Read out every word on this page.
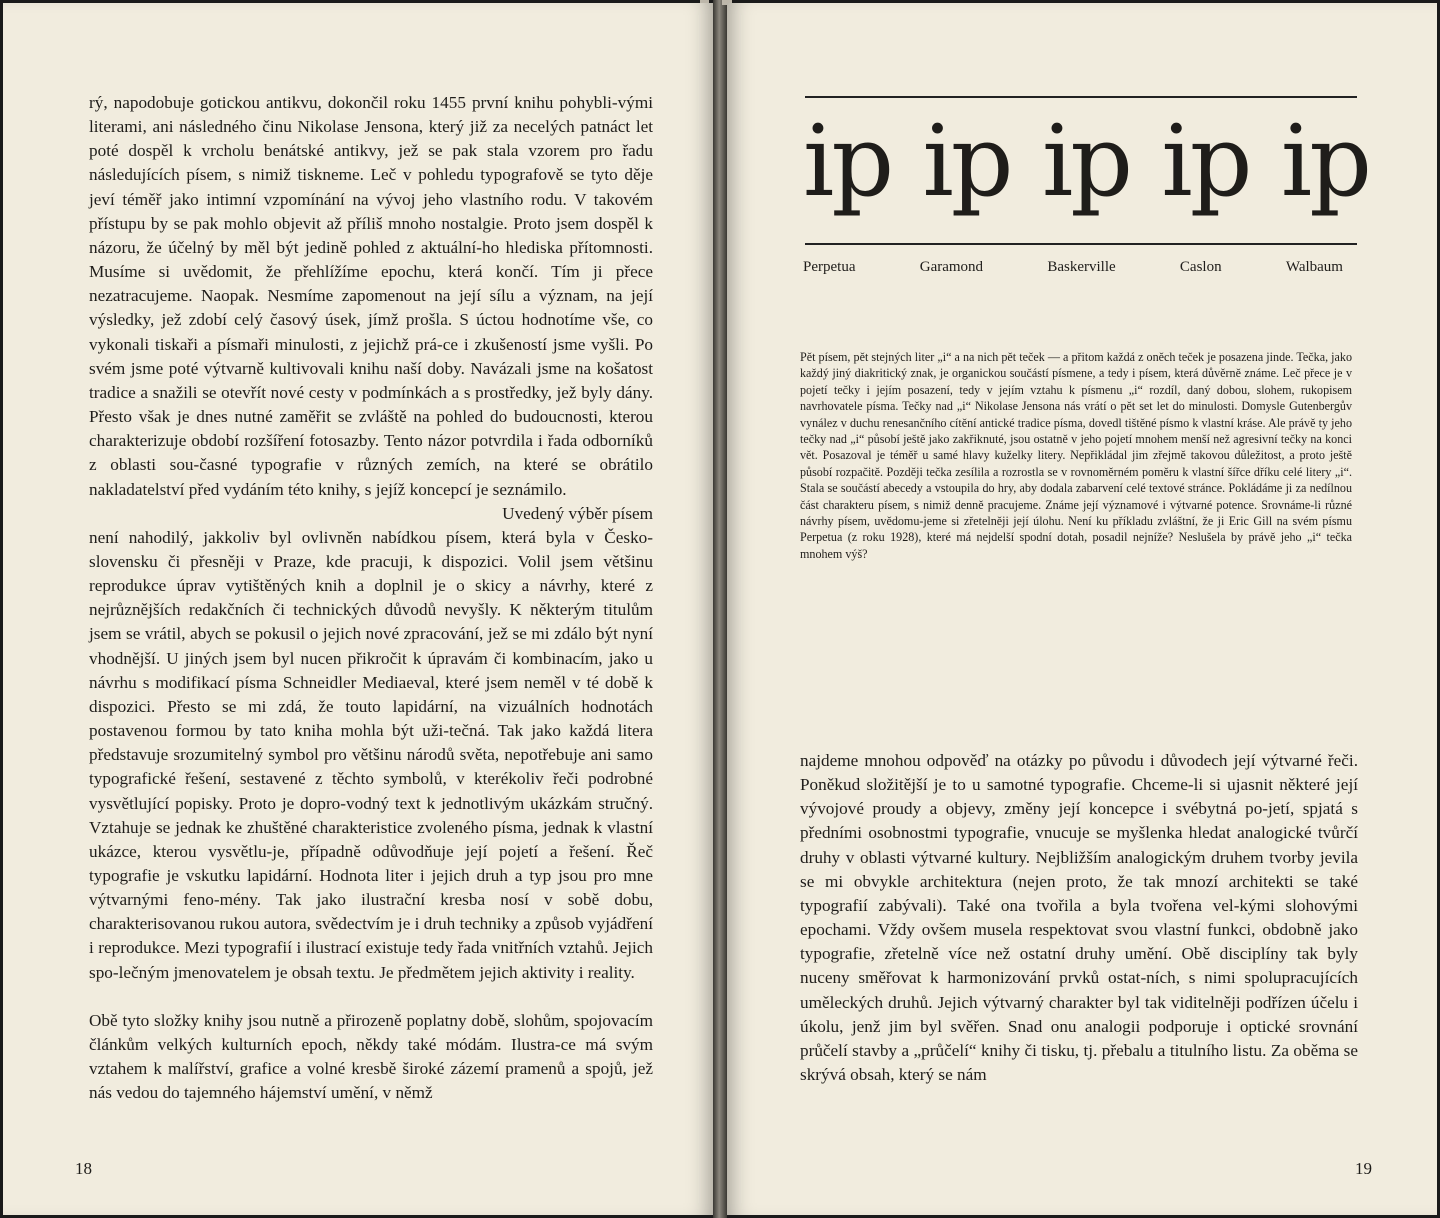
rý, napodobuje gotickou antikvu, dokončil roku 1455 první knihu pohybli-vými literami, ani následného činu Nikolase Jensona, který již za necelých patnáct let poté dospěl k vrcholu benátské antikvy, jež se pak stala vzorem pro řadu následujících písem, s nimiž tiskneme. Leč v pohledu typografově se tyto děje jeví téměř jako intimní vzpomínání na vývoj jeho vlastního rodu. V takovém přístupu by se pak mohlo objevit až příliš mnoho nostalgie. Proto jsem dospěl k názoru, že účelný by měl být jedině pohled z aktuální-ho hlediska přítomnosti. Musíme si uvědomit, že přehlížíme epochu, která končí. Tím ji přece nezatracujeme. Naopak. Nesmíme zapomenout na její sílu a význam, na její výsledky, jež zdobí celý časový úsek, jímž prošla. S úctou hodnotíme vše, co vykonali tiskaři a písmaři minulosti, z jejichž prá-ce i zkušeností jsme vyšli. Po svém jsme poté výtvarně kultivovali knihu naší doby. Navázali jsme na košatost tradice a snažili se otevřít nové cesty v podmínkách a s prostředky, jež byly dány. Přesto však je dnes nutné zaměřit se zvláště na pohled do budoucnosti, kterou charakterizuje období rozšíření fotosazby. Tento názor potvrdila i řada odborníků z oblasti sou-časné typografie v různých zemích, na které se obrátilo nakladatelství před vydáním této knihy, s jejíž koncepcí je seznámilo.

Uvedený výběr písem

není nahodilý, jakkoliv byl ovlivněn nabídkou písem, která byla v Česko-slovensku či přesněji v Praze, kde pracuji, k dispozici. Volil jsem většinu reprodukce úprav vytištěných knih a doplnil je o skicy a návrhy, které z nejrůznějších redakčních či technických důvodů nevyšly. K některým titulům jsem se vrátil, abych se pokusil o jejich nové zpracování, jež se mi zdálo být nyní vhodnější. U jiných jsem byl nucen přikročit k úpravám či kombinacím, jako u návrhu s modifikací písma Schneidler Mediaeval, které jsem neměl v té době k dispozici. Přesto se mi zdá, že touto lapidární, na vizuálních hodnotách postavenou formou by tato kniha mohla být uži-tečná. Tak jako každá litera představuje srozumitelný symbol pro většinu národů světa, nepotřebuje ani samo typografické řešení, sestavené z těchto symbolů, v kterékoliv řeči podrobné vysvětlující popisky. Proto je dopro-vodný text k jednotlivým ukázkám stručný. Vztahuje se jednak ke zhuštěné charakteristice zvoleného písma, jednak k vlastní ukázce, kterou vysvětlu-je, případně odůvodňuje její pojetí a řešení. Řeč typografie je vskutku lapidární. Hodnota liter i jejich druh a typ jsou pro mne výtvarnými feno-mény. Tak jako ilustrační kresba nosí v sobě dobu, charakterisovanou rukou autora, svědectvím je i druh techniky a způsob vyjádření i reprodukce. Mezi typografií i ilustrací existuje tedy řada vnitřních vztahů. Jejich spo-lečným jmenovatelem je obsah textu. Je předmětem jejich aktivity i reality.

Obě tyto složky knihy jsou nutně a přirozeně poplatny době, slohům, spojovacím článkům velkých kulturních epoch, někdy také módám. Ilustra-ce má svým vztahem k malířství, grafice a volné kresbě široké zázemí pramenů a spojů, jež nás vedou do tajemného hájemství umění, v němž

18
ip ip ip ip ip
Perpetua	Garamond	Baskerville	Caslon	Walbaum

Pět písem, pět stejných liter „i“ a na nich pět teček — a přitom každá z oněch teček je posazena jinde. Tečka, jako každý jiný diakritický znak, je organickou součástí písmene, a tedy i písem, která důvěrně známe. Leč přece je v pojetí tečky i jejím posazení, tedy v jejím vztahu k písmenu „i“ rozdíl, daný dobou, slohem, rukopisem navrhovatele písma. Tečky nad „i“ Nikolase Jensona nás vrátí o pět set let do minulosti. Domysle Gutenbergův vynález v duchu renesančního cítění antické tradice písma, dovedl tištěné písmo k vlastní kráse. Ale právě ty jeho tečky nad „i“ působí ještě jako zakřiknuté, jsou ostatně v jeho pojetí mnohem menší než agresivní tečky na konci vět. Posazoval je téměř u samé hlavy kuželky litery. Nepřikládal jim zřejmě takovou důležitost, a proto ještě působí rozpačitě. Později tečka zesílila a rozrostla se v rovnoměrném poměru k vlastní šířce dříku celé litery „i“. Stala se součástí abecedy a vstoupila do hry, aby dodala zabarvení celé textové stránce. Pokládáme ji za nedílnou část charakteru písem, s nimiž denně pracujeme. Známe její významové i výtvarné potence. Srovnáme-li různé návrhy písem, uvědomu-jeme si zřetelněji její úlohu. Není ku příkladu zvláštní, že ji Eric Gill na svém písmu Perpetua (z roku 1928), které má nejdelší spodní dotah, posadil nejníže? Neslušela by právě jeho „i“ tečka mnohem výš?

najdeme mnohou odpověď na otázky po původu i důvodech její výtvarné řeči. Poněkud složitější je to u samotné typografie. Chceme-li si ujasnit některé její vývojové proudy a objevy, změny její koncepce i svébytná po-jetí, spjatá s předními osobnostmi typografie, vnucuje se myšlenka hledat analogické tvůrčí druhy v oblasti výtvarné kultury. Nejbližším analogickým druhem tvorby jevila se mi obvykle architektura (nejen proto, že tak mnozí architekti se také typografií zabývali). Také ona tvořila a byla tvořena vel-kými slohovými epochami. Vždy ovšem musela respektovat svou vlastní funkci, obdobně jako typografie, zřetelně více než ostatní druhy umění. Obě disciplíny tak byly nuceny směřovat k harmonizování prvků ostat-ních, s nimi spolupracujících uměleckých druhů. Jejich výtvarný charakter byl tak viditelněji podřízen účelu i úkolu, jenž jim byl svěřen. Snad onu analogii podporuje i optické srovnání průčelí stavby a „průčelí“ knihy či tisku, tj. přebalu a titulního listu. Za oběma se skrývá obsah, který se nám

19
